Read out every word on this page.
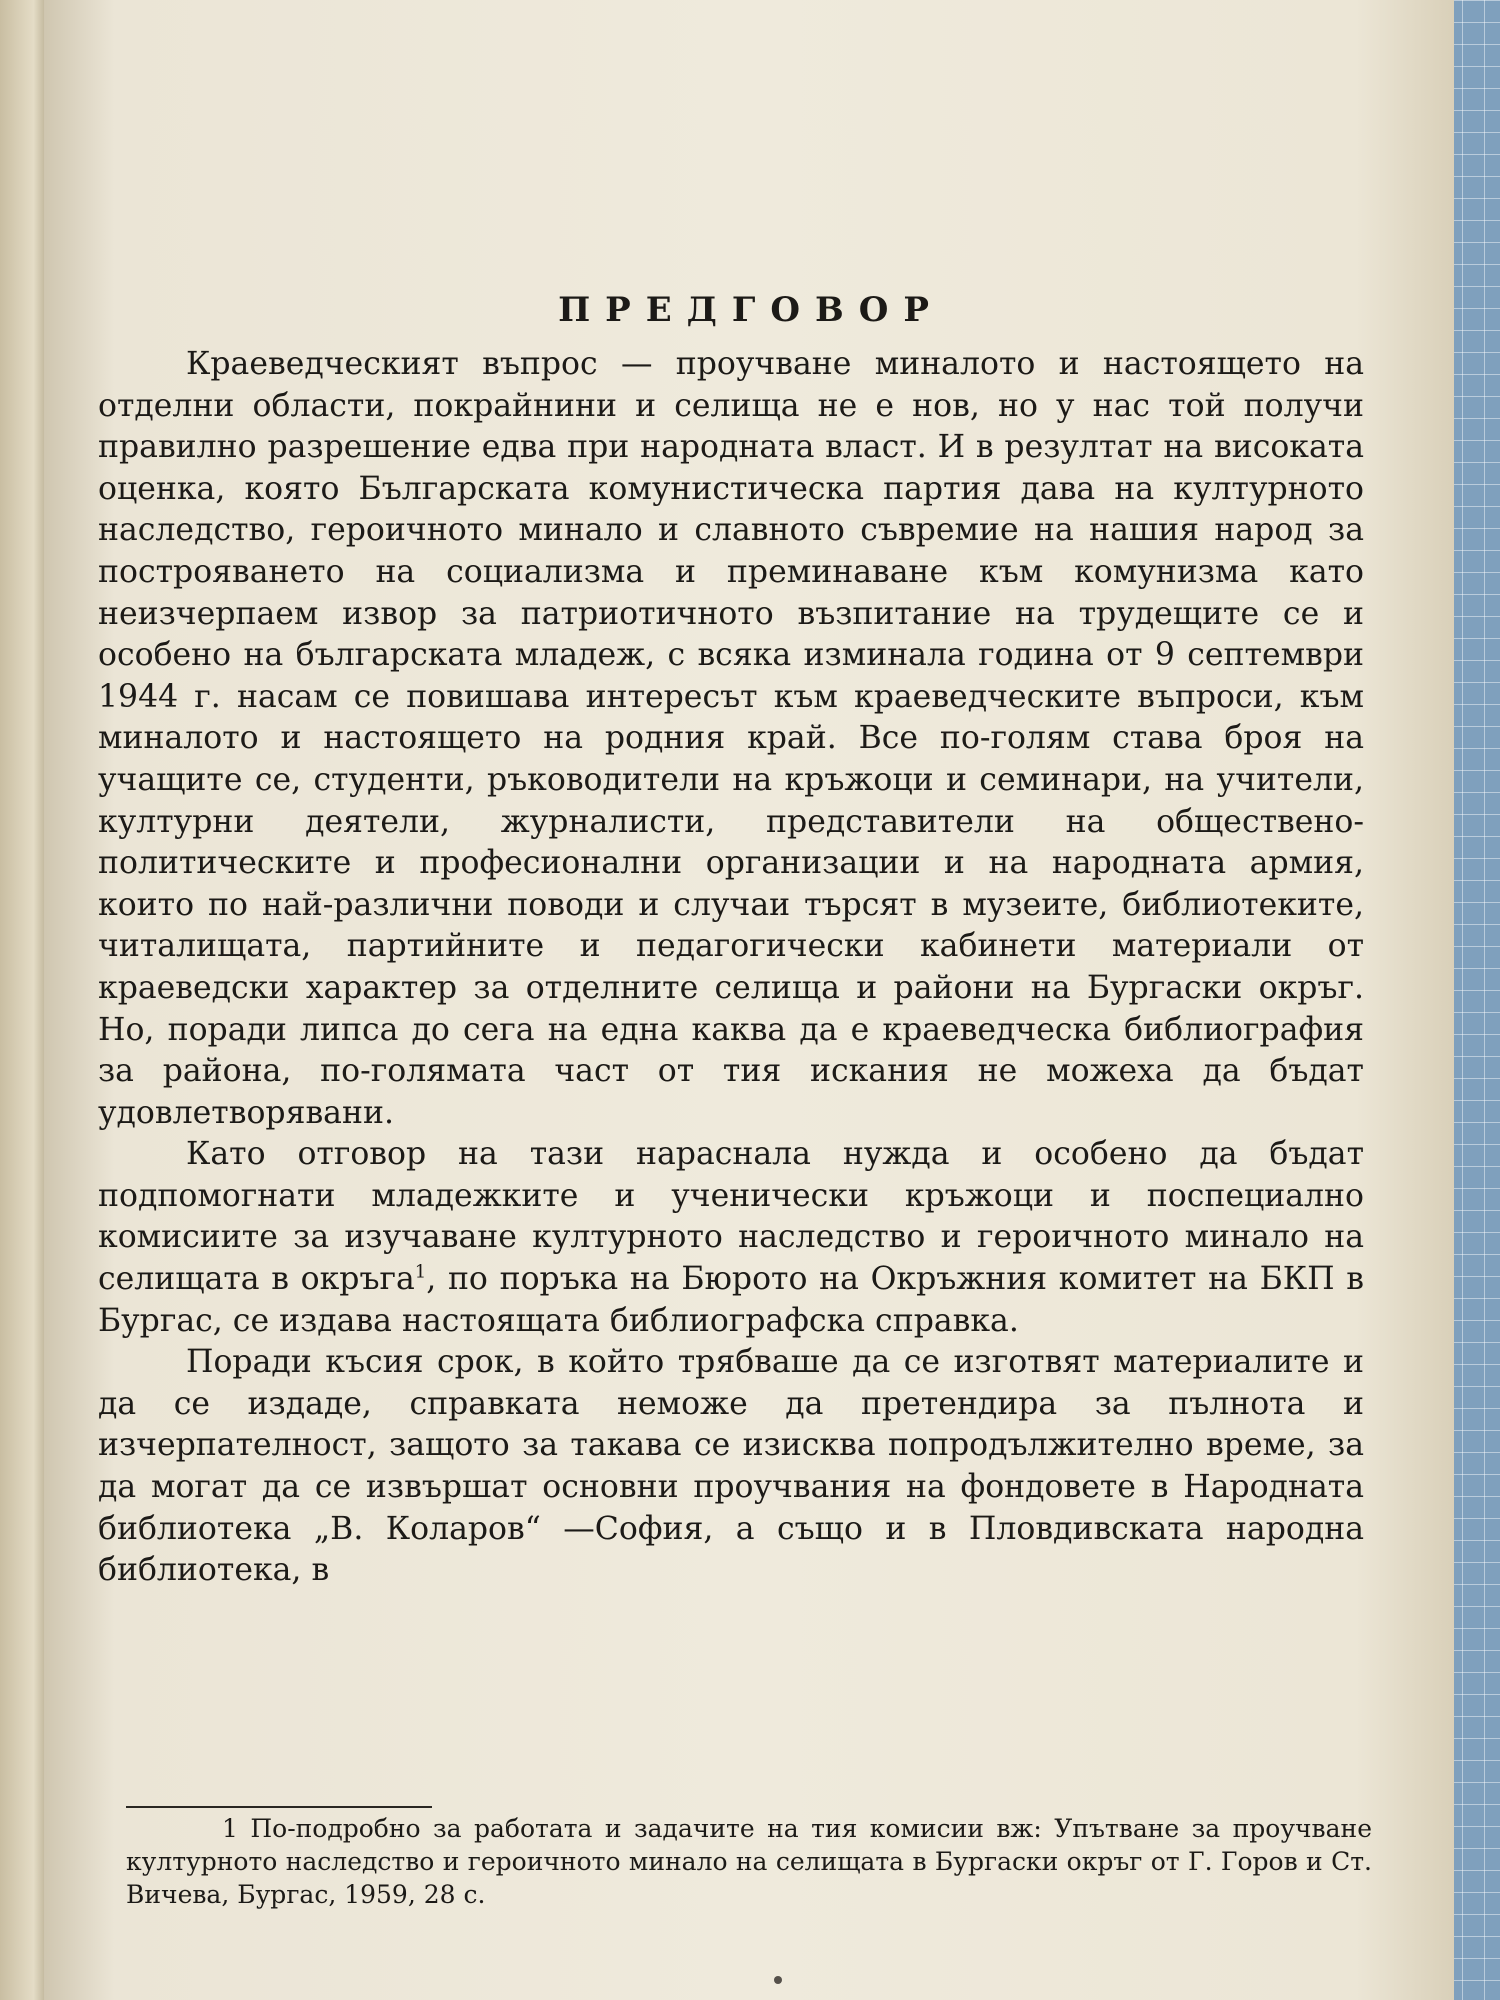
ПРЕДГОВОР

Краеведческият въпрос — проучване миналото и настоящето на отделни области, покрайнини и селища не е нов, но у нас той получи правилно разрешение едва при народната власт. И в резултат на високата оценка, която Българската комунистическа партия дава на културното наследство, героичното минало и славното съвремие на нашия народ за построяването на социализма и преминаване към комунизма като неизчерпаем извор за патриотичното възпитание на трудещите се и особено на българската младеж, с всяка изминала година от 9 септември 1944 г. насам се повишава интересът към краеведческите въпроси, към миналото и настоящето на родния край. Все по-голям става броя на учащите се, студенти, ръководители на кръжоци и семинари, на учители, културни деятели, журналисти, представители на обществено-политическите и професионални организации и на народната армия, които по най-различни поводи и случаи търсят в музеите, библиотеките, читалищата, партийните и педагогически кабинети материали от краеведски характер за отделните селища и райони на Бургаски окръг. Но, поради липса до сега на една каква да е краеведческа библиография за района, по-голямата част от тия искания не можеха да бъдат удовлетворявани.

Като отговор на тази нараснала нужда и особено да бъдат подпомогнати младежките и ученически кръжоци и поспециално комисиите за изучаване културното наследство и героичното минало на селищата в окръга$^1$, по поръка на Бюрото на Окръжния комитет на БКП в Бургас, се издава настоящата библиографска справка.

Поради късия срок, в който трябваше да се изготвят материалите и да се издаде, справката неможе да претендира за пълнота и изчерпателност, защото за такава се изисква попродължително време, за да могат да се извършат основни проучвания на фондовете в Народната библиотека „В. Коларов“ —София, а също и в Пловдивската народна библиотека, в

1 По-подробно за работата и задачите на тия комисии вж: Упътване за проучване културното наследство и героичното минало на селищата в Бургаски окръг от Г. Горов и Ст. Вичева, Бургас, 1959, 28 с.
